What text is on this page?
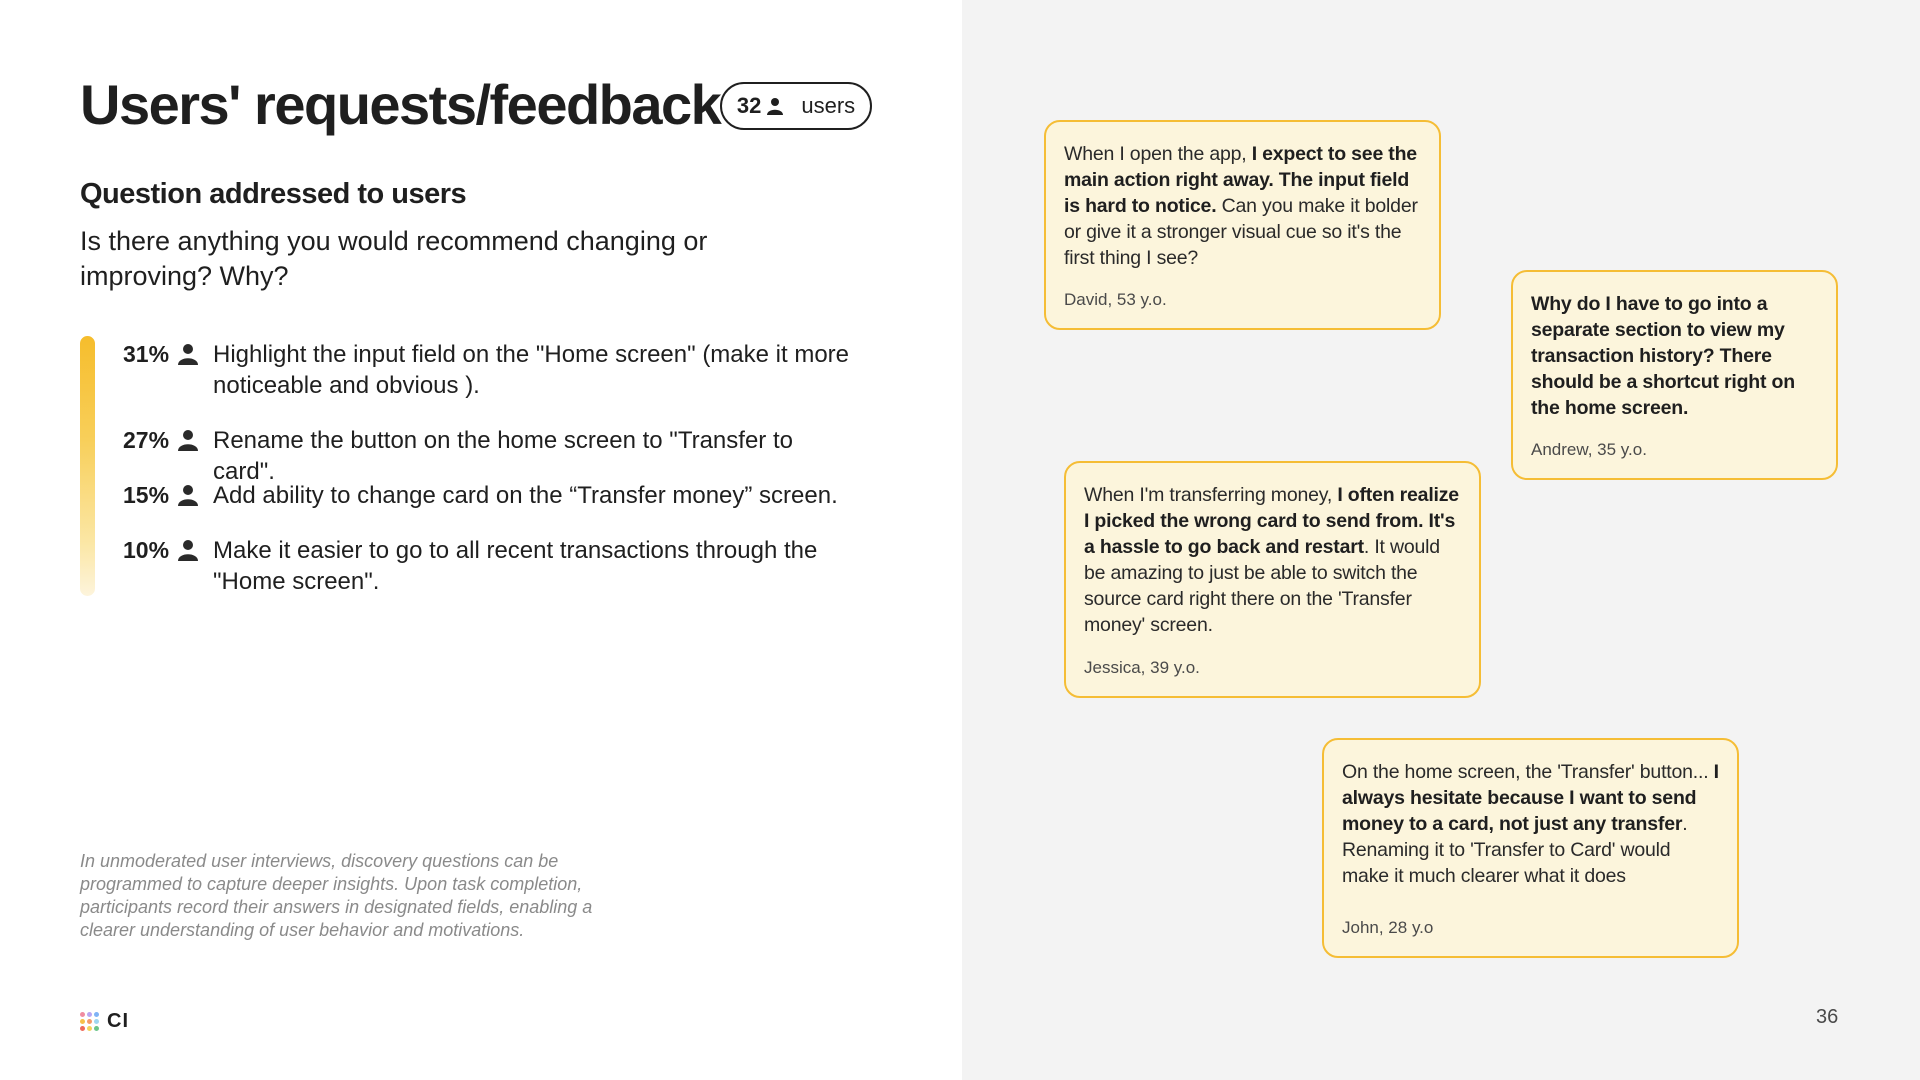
Users' requests/feedback 32 users
Question addressed to users

Is there anything you would recommend changing or improving? Why?

31% Highlight the input field on the "Home screen" (make it more noticeable and obvious ).
27% Rename the button on the home screen to "Transfer to card".
15% Add ability to change card on the “Transfer money” screen.
10% Make it easier to go to all recent transactions through the "Home screen".

In unmoderated user interviews, discovery questions can be programmed to capture deeper insights. Upon task completion, participants record their answers in designated fields, enabling a clearer understanding of user behavior and motivations.

CI

When I open the app, I expect to see the main action right away. The input field is hard to notice. Can you make it bolder or give it a stronger visual cue so it's the first thing I see?

David, 53 y.o.	Why do I have to go into a separate section to view my transaction history? There should be a shortcut right on the home screen.

Andrew, 35 y.o.

When I'm transferring money, I often realize I picked the wrong card to send from. It's a hassle to go back and restart. It would be amazing to just be able to switch the source card right there on the 'Transfer money' screen.

Jessica, 39 y.o.

On the home screen, the 'Transfer' button... I always hesitate because I want to send money to a card, not just any transfer. Renaming it to 'Transfer to Card' would make it much clearer what it does

John, 28 y.o

36
